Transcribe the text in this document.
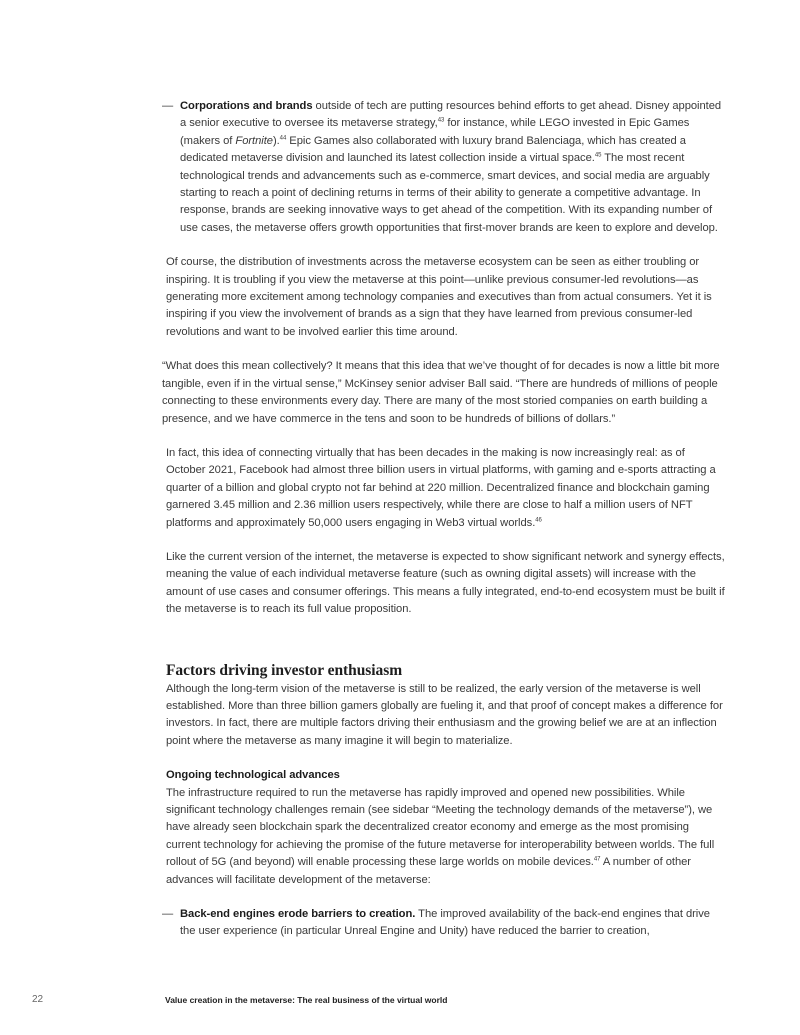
— Corporations and brands outside of tech are putting resources behind efforts to get ahead. Disney appointed a senior executive to oversee its metaverse strategy,$^{43}$ for instance, while LEGO invested in Epic Games (makers of Fortnite).$^{44}$ Epic Games also collaborated with luxury brand Balenciaga, which has created a dedicated metaverse division and launched its latest collection inside a virtual space.$^{45}$ The most recent technological trends and advancements such as e-commerce, smart devices, and social media are arguably starting to reach a point of declining returns in terms of their ability to generate a competitive advantage. In response, brands are seeking innovative ways to get ahead of the competition. With its expanding number of use cases, the metaverse offers growth opportunities that first-mover brands are keen to explore and develop.

Of course, the distribution of investments across the metaverse ecosystem can be seen as either troubling or inspiring. It is troubling if you view the metaverse at this point—unlike previous consumer-led revolutions—as generating more excitement among technology companies and executives than from actual consumers. Yet it is inspiring if you view the involvement of brands as a sign that they have learned from previous consumer-led revolutions and want to be involved earlier this time around.

“What does this mean collectively? It means that this idea that we’ve thought of for decades is now a little bit more tangible, even if in the virtual sense,” McKinsey senior adviser Ball said. “There are hundreds of millions of people connecting to these environments every day. There are many of the most storied companies on earth building a presence, and we have commerce in the tens and soon to be hundreds of billions of dollars.”

In fact, this idea of connecting virtually that has been decades in the making is now increasingly real: as of October 2021, Facebook had almost three billion users in virtual platforms, with gaming and e-sports attracting a quarter of a billion and global crypto not far behind at 220 million. Decentralized finance and blockchain gaming garnered 3.45 million and 2.36 million users respectively, while there are close to half a million users of NFT platforms and approximately 50,000 users engaging in Web3 virtual worlds.$^{46}$

Like the current version of the internet, the metaverse is expected to show significant network and synergy effects, meaning the value of each individual metaverse feature (such as owning digital assets) will increase with the amount of use cases and consumer offerings. This means a fully integrated, end-to-end ecosystem must be built if the metaverse is to reach its full value proposition.

Factors driving investor enthusiasm

Although the long-term vision of the metaverse is still to be realized, the early version of the metaverse is well established. More than three billion gamers globally are fueling it, and that proof of concept makes a difference for investors. In fact, there are multiple factors driving their enthusiasm and the growing belief we are at an inflection point where the metaverse as many imagine it will begin to materialize.

Ongoing technological advances

The infrastructure required to run the metaverse has rapidly improved and opened new possibilities. While significant technology challenges remain (see sidebar “Meeting the technology demands of the metaverse”), we have already seen blockchain spark the decentralized creator economy and emerge as the most promising current technology for achieving the promise of the future metaverse for interoperability between worlds. The full rollout of 5G (and beyond) will enable processing these large worlds on mobile devices.$^{47}$ A number of other advances will facilitate development of the metaverse:

— Back-end engines erode barriers to creation. The improved availability of the back-end engines that drive the user experience (in particular Unreal Engine and Unity) have reduced the barrier to creation,

22	Value creation in the metaverse: The real business of the virtual world
